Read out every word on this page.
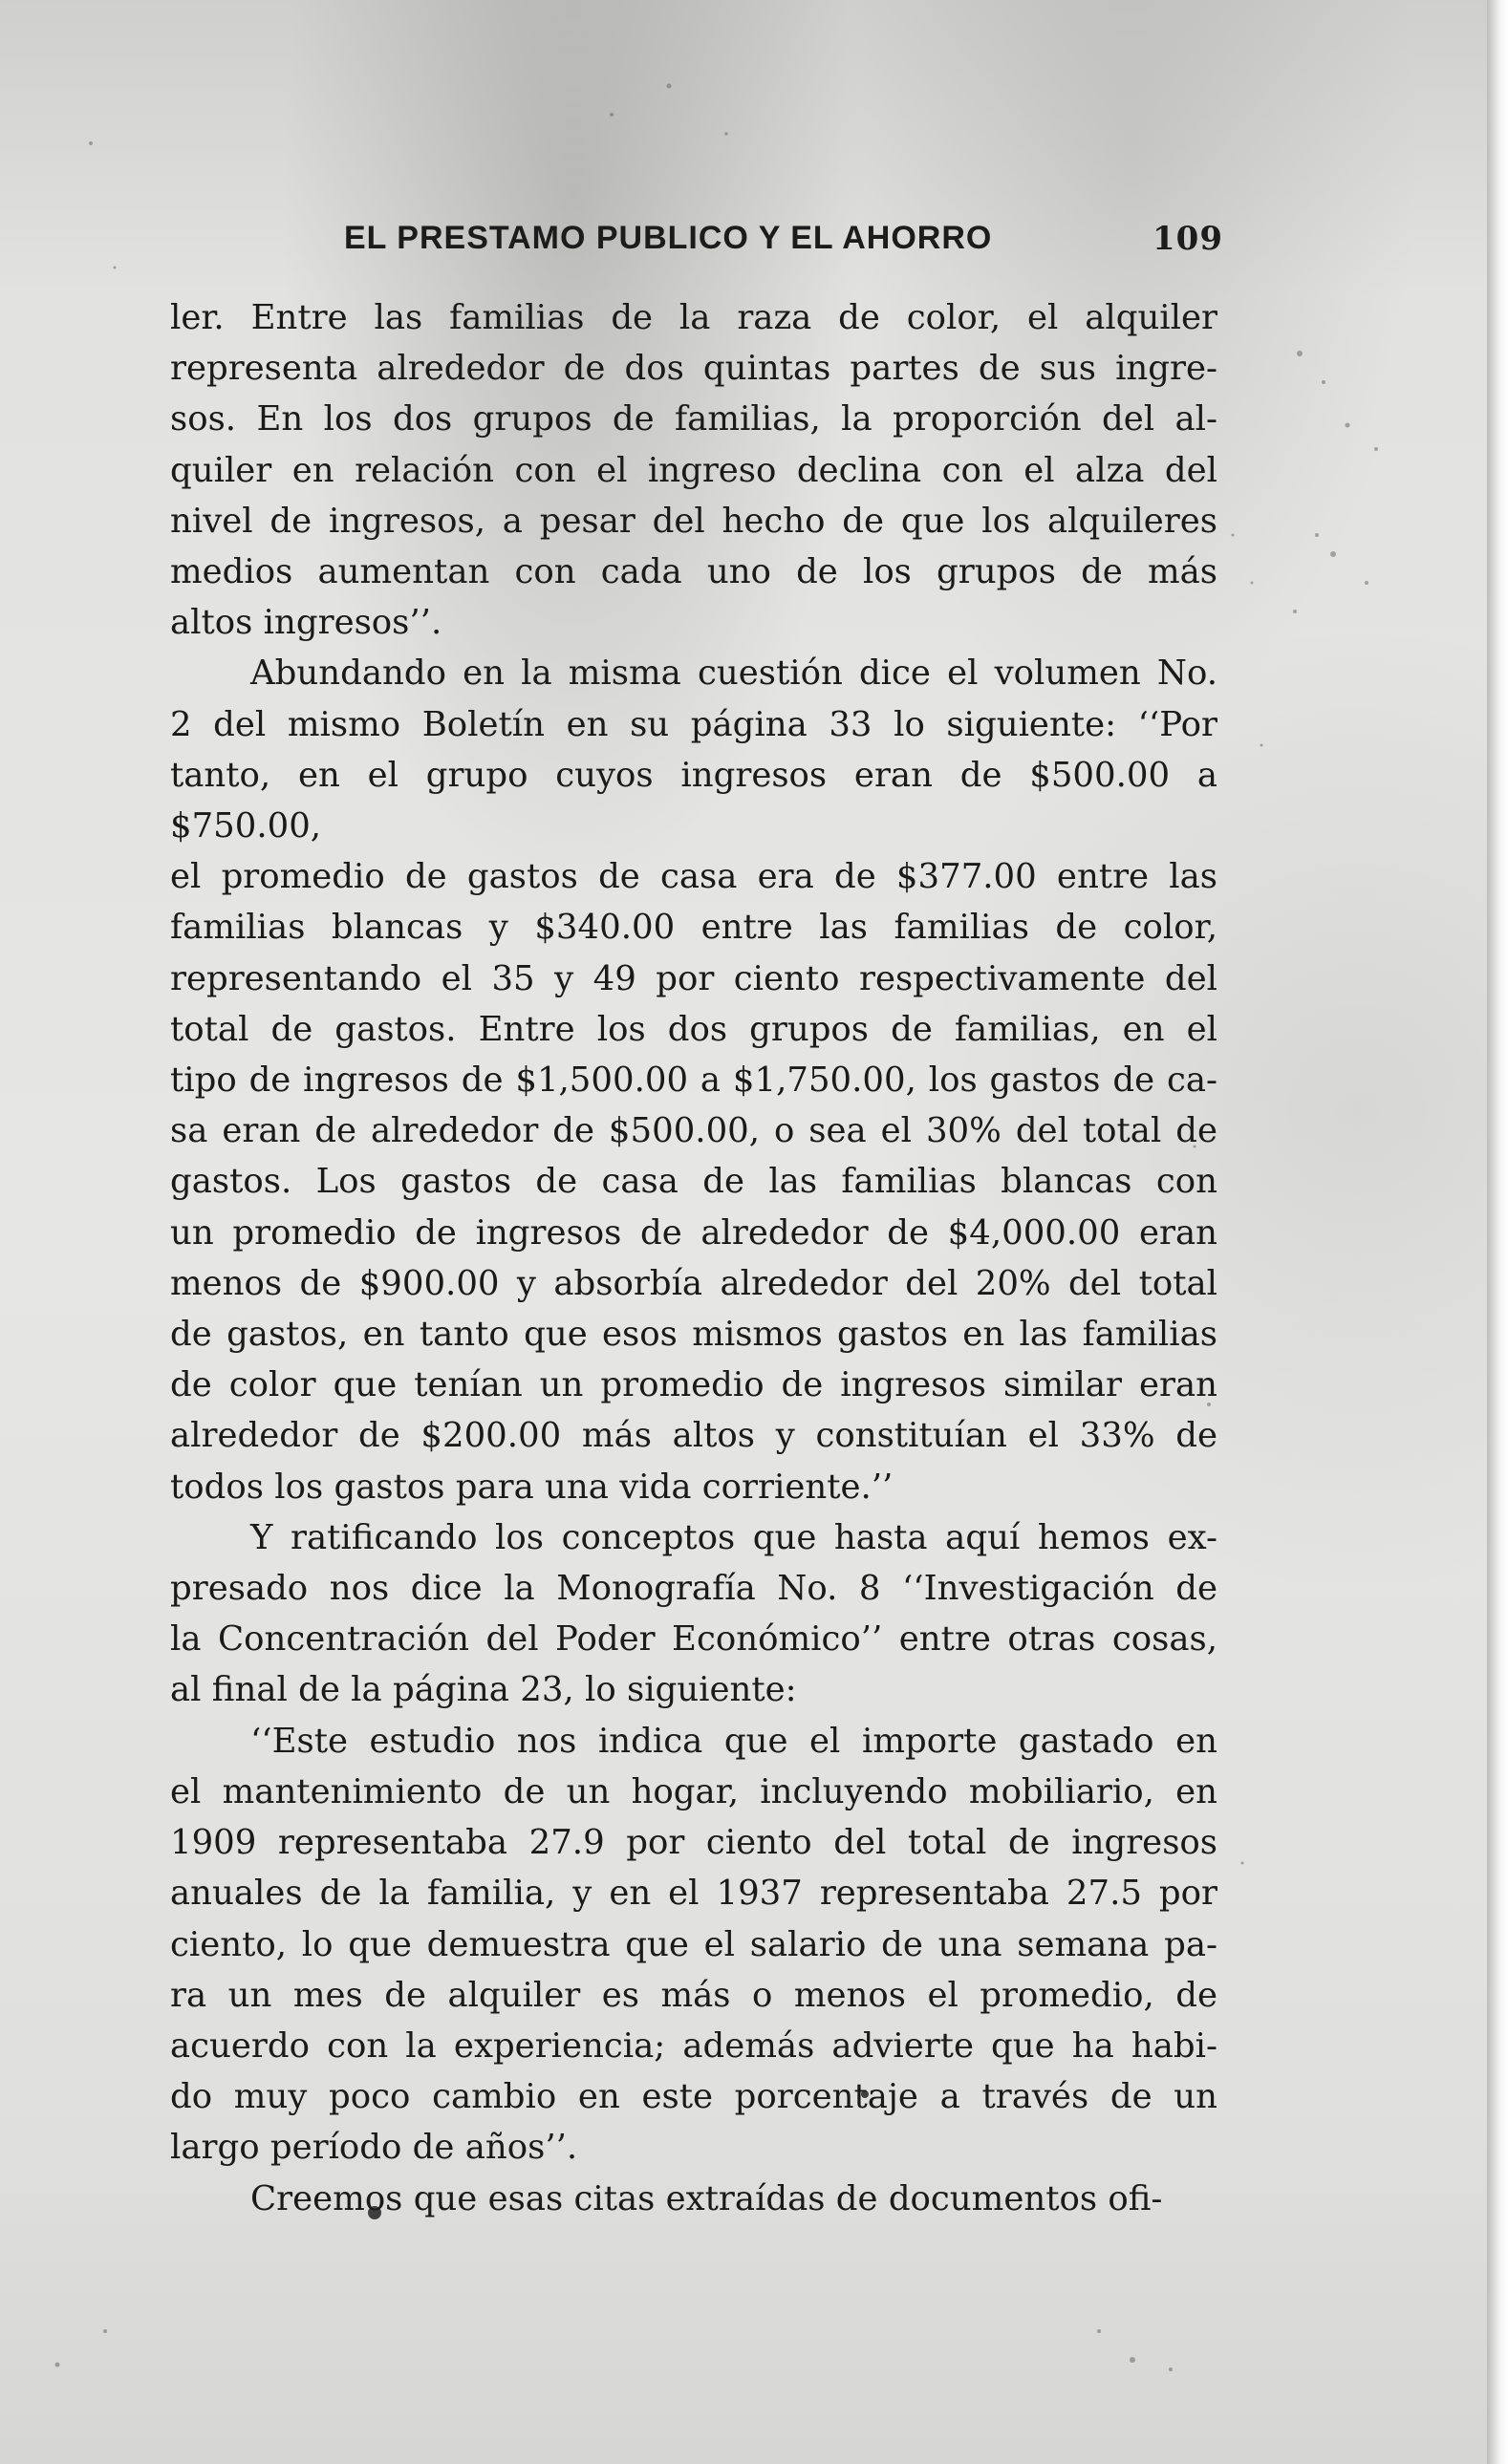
EL PRESTAMO PUBLICO Y EL AHORRO	109

ler. Entre las familias de la raza de color, el alquiler

representa alrededor de dos quintas partes de sus ingre-

sos. En los dos grupos de familias, la proporción del al-

quiler en relación con el ingreso declina con el alza del

nivel de ingresos, a pesar del hecho de que los alquileres

medios aumentan con cada uno de los grupos de más

altos ingresos’’.

Abundando en la misma cuestión dice el volumen No.

2 del mismo Boletín en su página 33 lo siguiente: ‘‘Por

tanto, en el grupo cuyos ingresos eran de $500.00 a $750.00,

el promedio de gastos de casa era de $377.00 entre las

familias blancas y $340.00 entre las familias de color,

representando el 35 y 49 por ciento respectivamente del

total de gastos. Entre los dos grupos de familias, en el

tipo de ingresos de $1,500.00 a $1,750.00, los gastos de ca-

sa eran de alrededor de $500.00, o sea el 30% del total de

gastos. Los gastos de casa de las familias blancas con

un promedio de ingresos de alrededor de $4,000.00 eran

menos de $900.00 y absorbía alrededor del 20% del total

de gastos, en tanto que esos mismos gastos en las familias

de color que tenían un promedio de ingresos similar eran

alrededor de $200.00 más altos y constituían el 33% de

todos los gastos para una vida corriente.’’

Y ratificando los conceptos que hasta aquí hemos ex-

presado nos dice la Monografía No. 8 ‘‘Investigación de

la Concentración del Poder Económico’’ entre otras cosas,

al final de la página 23, lo siguiente:

‘‘Este estudio nos indica que el importe gastado en

el mantenimiento de un hogar, incluyendo mobiliario, en

1909 representaba 27.9 por ciento del total de ingresos

anuales de la familia, y en el 1937 representaba 27.5 por

ciento, lo que demuestra que el salario de una semana pa-

ra un mes de alquiler es más o menos el promedio, de

acuerdo con la experiencia; además advierte que ha habi-

do muy poco cambio en este porcentaje a través de un

largo período de años’’.

Creemos que esas citas extraídas de documentos ofi-
